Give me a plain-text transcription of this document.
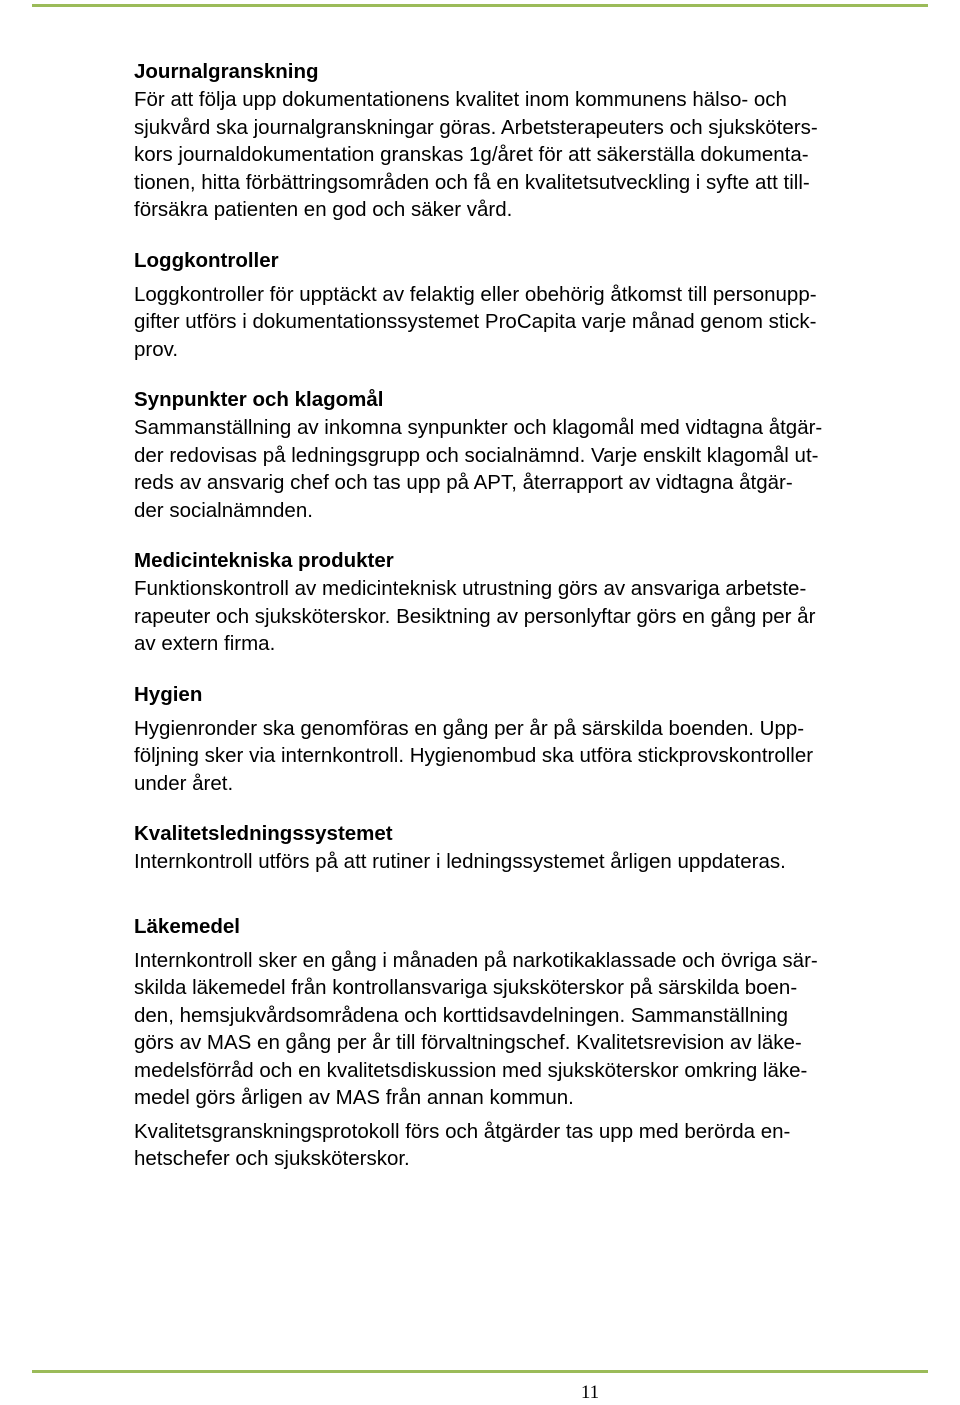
Journalgranskning
För att följa upp dokumentationens kvalitet inom kommunens hälso- och
sjukvård ska journalgranskningar göras. Arbetsterapeuters och sjuksköters-
kors journaldokumentation granskas 1g/året för att säkerställa dokumenta-
tionen, hitta förbättringsområden och få en kvalitetsutveckling i syfte att till-
försäkra patienten en god och säker vård.
Loggkontroller
Loggkontroller för upptäckt av felaktig eller obehörig åtkomst till personupp-
gifter utförs i dokumentationssystemet ProCapita varje månad genom stick-
prov.
Synpunkter och klagomål
Sammanställning av inkomna synpunkter och klagomål med vidtagna åtgär-
der redovisas på ledningsgrupp och socialnämnd. Varje enskilt klagomål ut-
reds av ansvarig chef och tas upp på APT, återrapport av vidtagna åtgär-
der socialnämnden.
Medicintekniska produkter
Funktionskontroll av medicinteknisk utrustning görs av ansvariga arbetste-
rapeuter och sjuksköterskor. Besiktning av personlyftar görs en gång per år
av extern firma.
Hygien
Hygienronder ska genomföras en gång per år på särskilda boenden. Upp-
följning sker via internkontroll. Hygienombud ska utföra stickprovskontroller
under året.
Kvalitetsledningssystemet
Internkontroll utförs på att rutiner i ledningssystemet årligen uppdateras.
Läkemedel
Internkontroll sker en gång i månaden på narkotikaklassade och övriga sär-
skilda läkemedel från kontrollansvariga sjuksköterskor på särskilda boen-
den, hemsjukvårdsområdena och korttidsavdelningen. Sammanställning
görs av MAS en gång per år till förvaltningschef. Kvalitetsrevision av läke-
medelsförråd och en kvalitetsdiskussion med sjuksköterskor omkring läke-
medel görs årligen av MAS från annan kommun.
Kvalitetsgranskningsprotokoll förs och åtgärder tas upp med berörda en-
hetschefer och sjuksköterskor.
11
